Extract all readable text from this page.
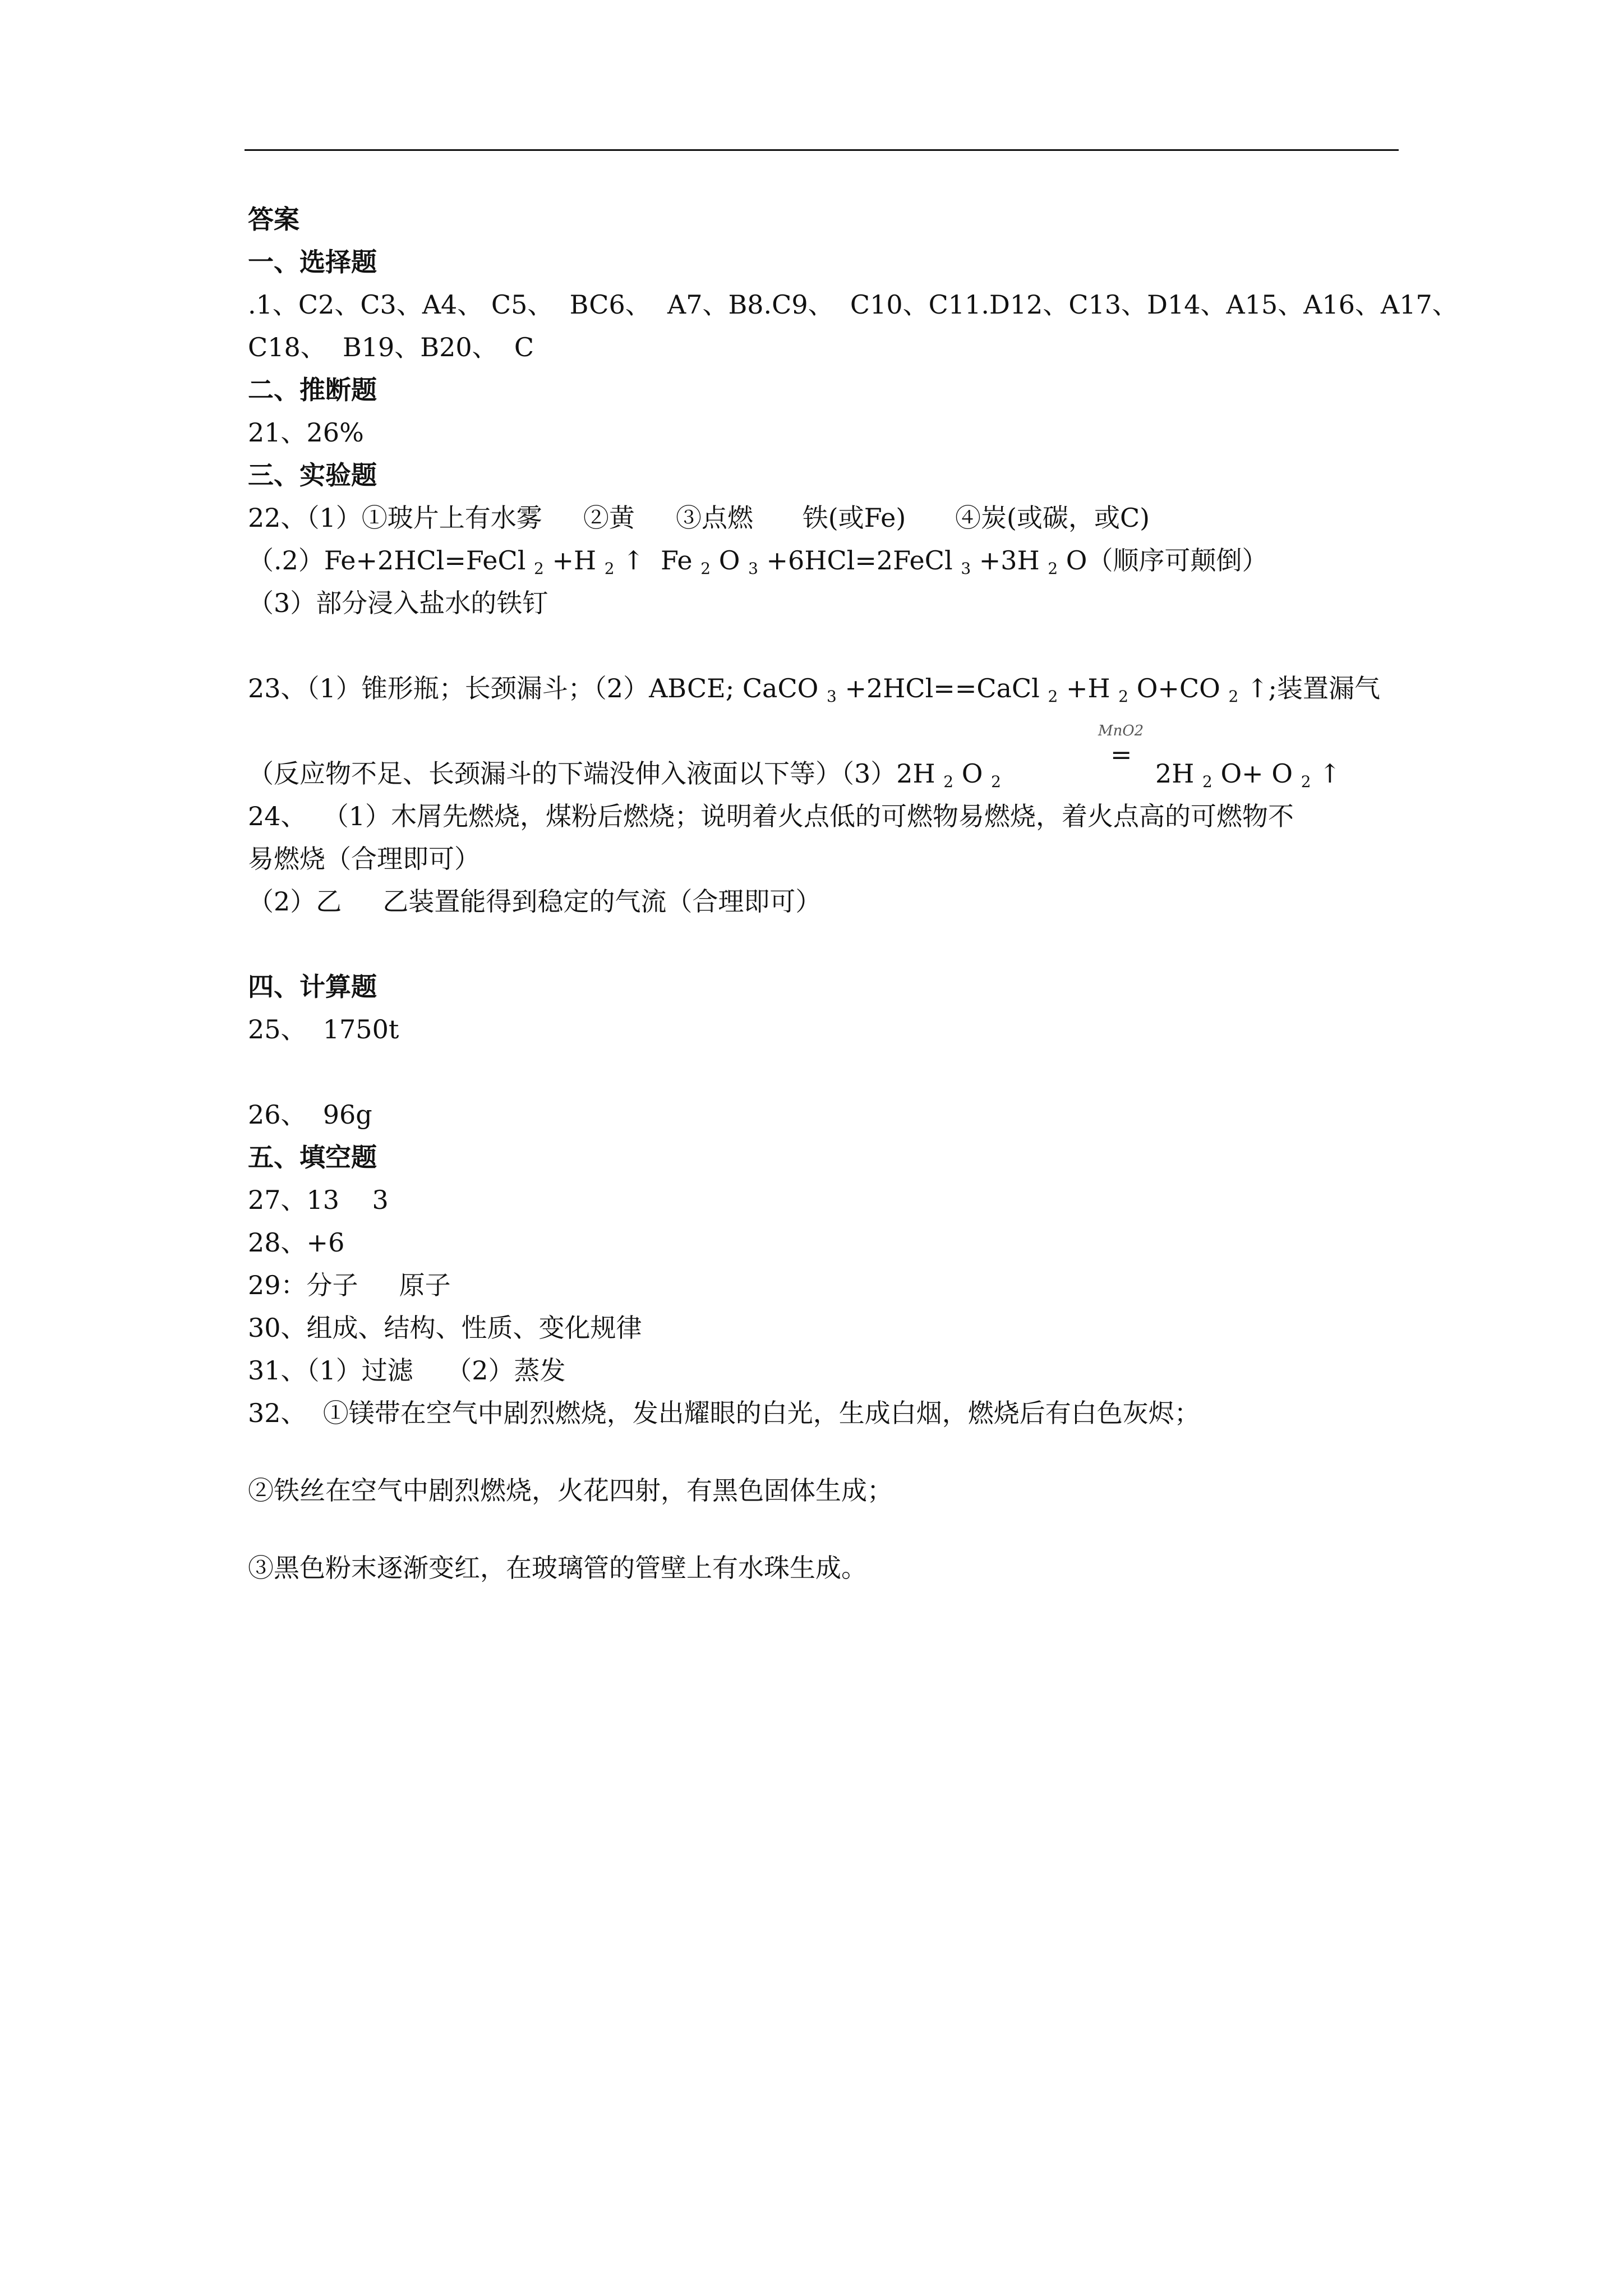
答案
一、选择题
.1、C2、C3、A4、 C5、  BC6、  A7、B8.C9、  C10、C11.D12、C13、D14、A15、A16、A17、
C18、  B19、B20、  C
二、推断题
21、26%
三、实验题
22、（1）①玻片上有水雾     ②黄     ③点燃      铁(或Fe)      ④炭(或碳，或C)
（.2）Fe+2HCl=FeCl $_2$ +H $_2$ ↑  Fe $_2$ O $_3$ +6HCl=2FeCl $_3$ +3H $_2$ O（顺序可颠倒）
（3）部分浸入盐水的铁钉
23、（1）锥形瓶；长颈漏斗；（2）ABCE; CaCO $_3$ +2HCl==CaCl $_2$ +H $_2$ O+CO $_2$ ↑;装置漏气
MnO2
=
（反应物不足、长颈漏斗的下端没伸入液面以下等）（3）2H $_2$ O $_2$	2H $_2$ O+ O $_2$ ↑
24、  （1）木屑先燃烧，煤粉后燃烧；说明着火点低的可燃物易燃烧，着火点高的可燃物不
易燃烧（合理即可）
（2）乙     乙装置能得到稳定的气流（合理即可）
四、计算题
25、  1750t
26、  96g
五、填空题
27、13    3
28、+6
29：分子     原子
30、组成、结构、性质、变化规律
31、（1）过滤    （2）蒸发
32、  ①镁带在空气中剧烈燃烧，发出耀眼的白光，生成白烟，燃烧后有白色灰烬；
②铁丝在空气中剧烈燃烧，火花四射，有黑色固体生成；
③黑色粉末逐渐变红，在玻璃管的管壁上有水珠生成。
